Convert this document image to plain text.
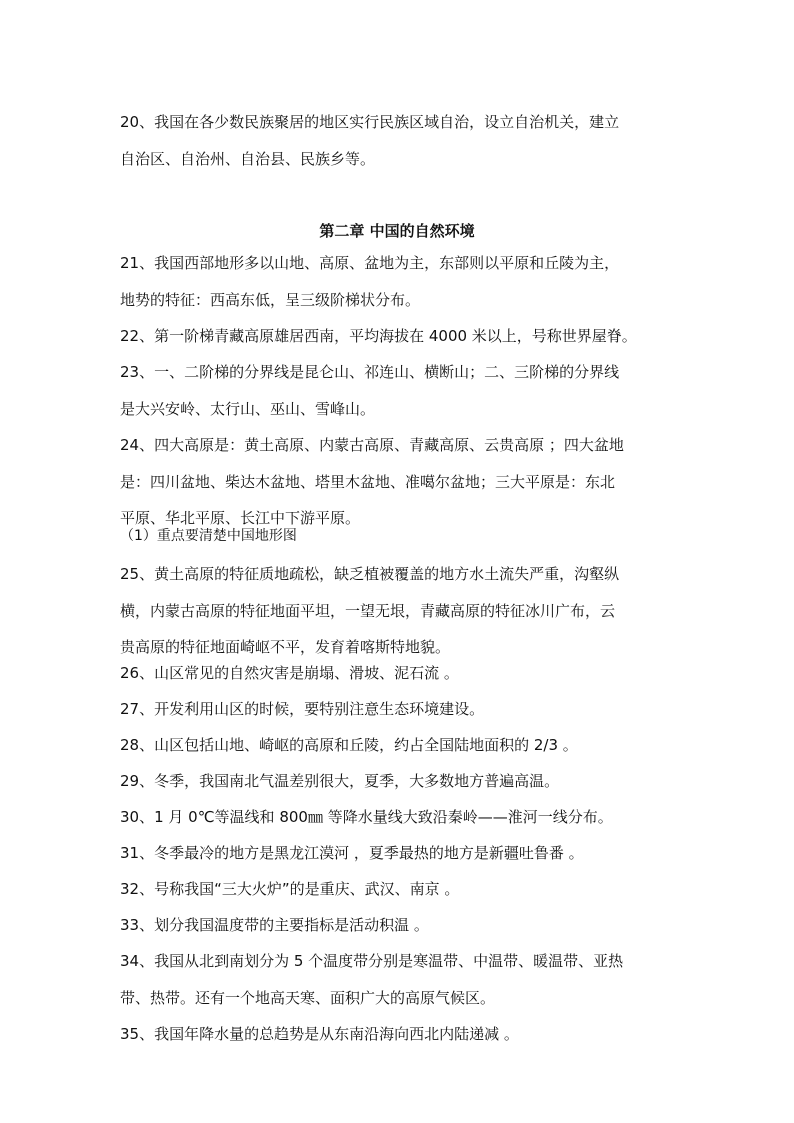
20、我国在各少数民族聚居的地区实行民族区域自治，设立自治机关，建立
自治区、自治州、自治县、民族乡等。

第二章 中国的自然环境

21、我国西部地形多以山地、高原、盆地为主，东部则以平原和丘陵为主，
地势的特征：西高东低，呈三级阶梯状分布。

22、第一阶梯青藏高原雄居西南，平均海拔在 4000 米以上，号称世界屋脊。

23、一、二阶梯的分界线是昆仑山、祁连山、横断山；二、三阶梯的分界线
是大兴安岭、太行山、巫山、雪峰山。

24、四大高原是：黄土高原、内蒙古高原、青藏高原、云贵高原 ；四大盆地
是：四川盆地、柴达木盆地、塔里木盆地、准噶尔盆地；三大平原是：东北
平原、华北平原、长江中下游平原。

（1）重点要清楚中国地形图

25、黄土高原的特征质地疏松，缺乏植被覆盖的地方水土流失严重，沟壑纵
横，内蒙古高原的特征地面平坦，一望无垠，青藏高原的特征冰川广布，云
贵高原的特征地面崎岖不平，发育着喀斯特地貌。

26、山区常见的自然灾害是崩塌、滑坡、泥石流 。

27、开发利用山区的时候，要特别注意生态环境建设。

28、山区包括山地、崎岖的高原和丘陵，约占全国陆地面积的 2/3 。

29、冬季，我国南北气温差别很大，夏季，大多数地方普遍高温。

30、1 月 0℃等温线和 800㎜ 等降水量线大致沿秦岭——淮河一线分布。

31、冬季最冷的地方是黑龙江漠河 ，夏季最热的地方是新疆吐鲁番 。

32、号称我国“三大火炉”的是重庆、武汉、南京 。

33、划分我国温度带的主要指标是活动积温 。

34、我国从北到南划分为 5 个温度带分别是寒温带、中温带、暖温带、亚热
带、热带。还有一个地高天寒、面积广大的高原气候区。

35、我国年降水量的总趋势是从东南沿海向西北内陆递减 。
